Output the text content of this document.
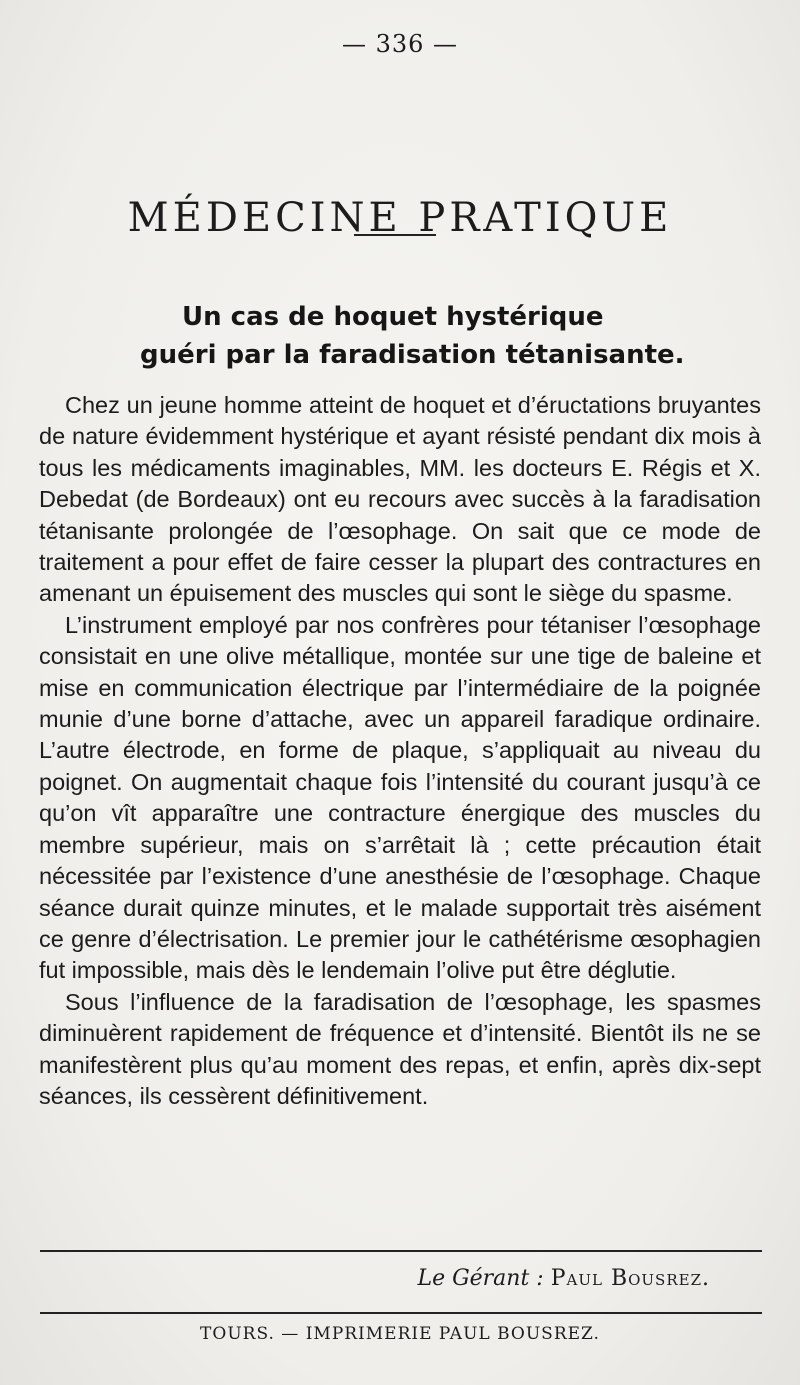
— 336 —
MÉDECINE PRATIQUE
Un cas de hoquet hystérique
guéri par la faradisation tétanisante.

Chez un jeune homme atteint de hoquet et d’éructations bruyantes de nature évidemment hystérique et ayant résisté pendant dix mois à tous les médicaments imaginables, MM. les docteurs E. Régis et X. Debedat (de Bordeaux) ont eu recours avec succès à la faradisation tétanisante prolongée de l’œsophage. On sait que ce mode de traitement a pour effet de faire cesser la plupart des contractures en amenant un épuisement des muscles qui sont le siège du spasme.

L’instrument employé par nos confrères pour tétaniser l’œsophage consistait en une olive métallique, montée sur une tige de baleine et mise en communication électrique par l’intermédiaire de la poignée munie d’une borne d’attache, avec un appareil faradique ordinaire. L’autre électrode, en forme de plaque, s’appliquait au niveau du poignet. On augmentait chaque fois l’intensité du courant jusqu’à ce qu’on vît apparaître une contracture énergique des muscles du membre supérieur, mais on s’arrêtait là ; cette précaution était nécessitée par l’existence d’une anesthésie de l’œsophage. Chaque séance durait quinze minutes, et le malade supportait très aisément ce genre d’électrisation. Le premier jour le cathétérisme œsophagien fut impossible, mais dès le lendemain l’olive put être déglutie.

Sous l’influence de la faradisation de l’œsophage, les spasmes diminuèrent rapidement de fréquence et d’intensité. Bientôt ils ne se manifestèrent plus qu’au moment des repas, et enfin, après dix-sept séances, ils cessèrent définitivement.

Le Gérant : Paul Bousrez.
TOURS. — IMPRIMERIE PAUL BOUSREZ.
